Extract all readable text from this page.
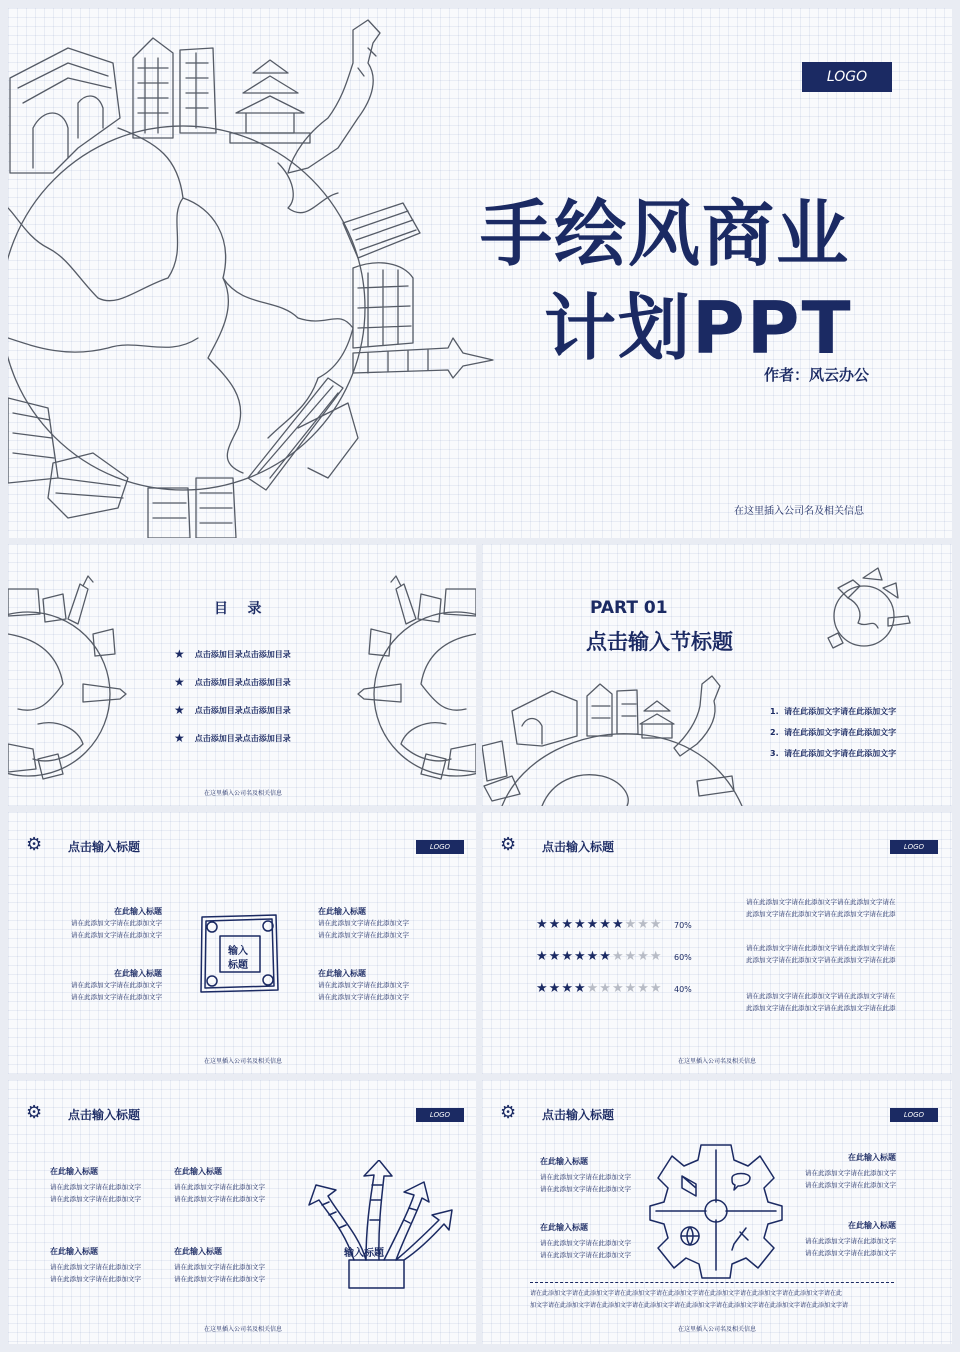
LOGO
手绘风商业
计划PPT
作者：风云办公
在这里插入公司名及相关信息
目    录
★ 点击添加目录点击添加目录
★ 点击添加目录点击添加目录
★ 点击添加目录点击添加目录
★ 点击添加目录点击添加目录
在这里插入公司名及相关信息
PART 01
点击输入节标题
1.  请在此添加文字请在此添加文字
2.  请在此添加文字请在此添加文字
3.  请在此添加文字请在此添加文字
⚙ 点击输入标题	LOGO
在此输入标题
请在此添加文字请在此添加文字
请在此添加文字请在此添加文字
在此输入标题
请在此添加文字请在此添加文字
请在此添加文字请在此添加文字
在此输入标题
请在此添加文字请在此添加文字
请在此添加文字请在此添加文字
在此输入标题
请在此添加文字请在此添加文字
请在此添加文字请在此添加文字
输入
标题
在这里插入公司名及相关信息
⚙ 点击输入标题	LOGO
★ ★ ★ ★ ★ ★ ★ ★ ★ ★ 70%
★ ★ ★ ★ ★ ★ ★ ★ ★ ★ 60%
★ ★ ★ ★ ★ ★ ★ ★ ★ ★ 40%
请在此添加文字请在此添加文字请在此添加文字请在
此添加文字请在此添加文字请在此添加文字请在此添
请在此添加文字请在此添加文字请在此添加文字请在
此添加文字请在此添加文字请在此添加文字请在此添
请在此添加文字请在此添加文字请在此添加文字请在
此添加文字请在此添加文字请在此添加文字请在此添
在这里插入公司名及相关信息
⚙ 点击输入标题	LOGO
在此输入标题
请在此添加文字请在此添加文字
请在此添加文字请在此添加文字
在此输入标题
请在此添加文字请在此添加文字
请在此添加文字请在此添加文字
在此输入标题
请在此添加文字请在此添加文字
请在此添加文字请在此添加文字
在此输入标题
请在此添加文字请在此添加文字
请在此添加文字请在此添加文字
输入标题
在这里插入公司名及相关信息
⚙ 点击输入标题	LOGO
在此输入标题
请在此添加文字请在此添加文字
请在此添加文字请在此添加文字
在此输入标题
请在此添加文字请在此添加文字
请在此添加文字请在此添加文字
在此输入标题
请在此添加文字请在此添加文字
请在此添加文字请在此添加文字
在此输入标题
请在此添加文字请在此添加文字
请在此添加文字请在此添加文字
请在此添加文字请在此添加文字请在此添加文字请在此添加文字请在此添加文字请在此添加文字请在此添加文字请在此
加文字请在此添加文字请在此添加文字请在此添加文字请在此添加文字请在此添加文字请在此添加文字请在此添加文字请
在这里插入公司名及相关信息
